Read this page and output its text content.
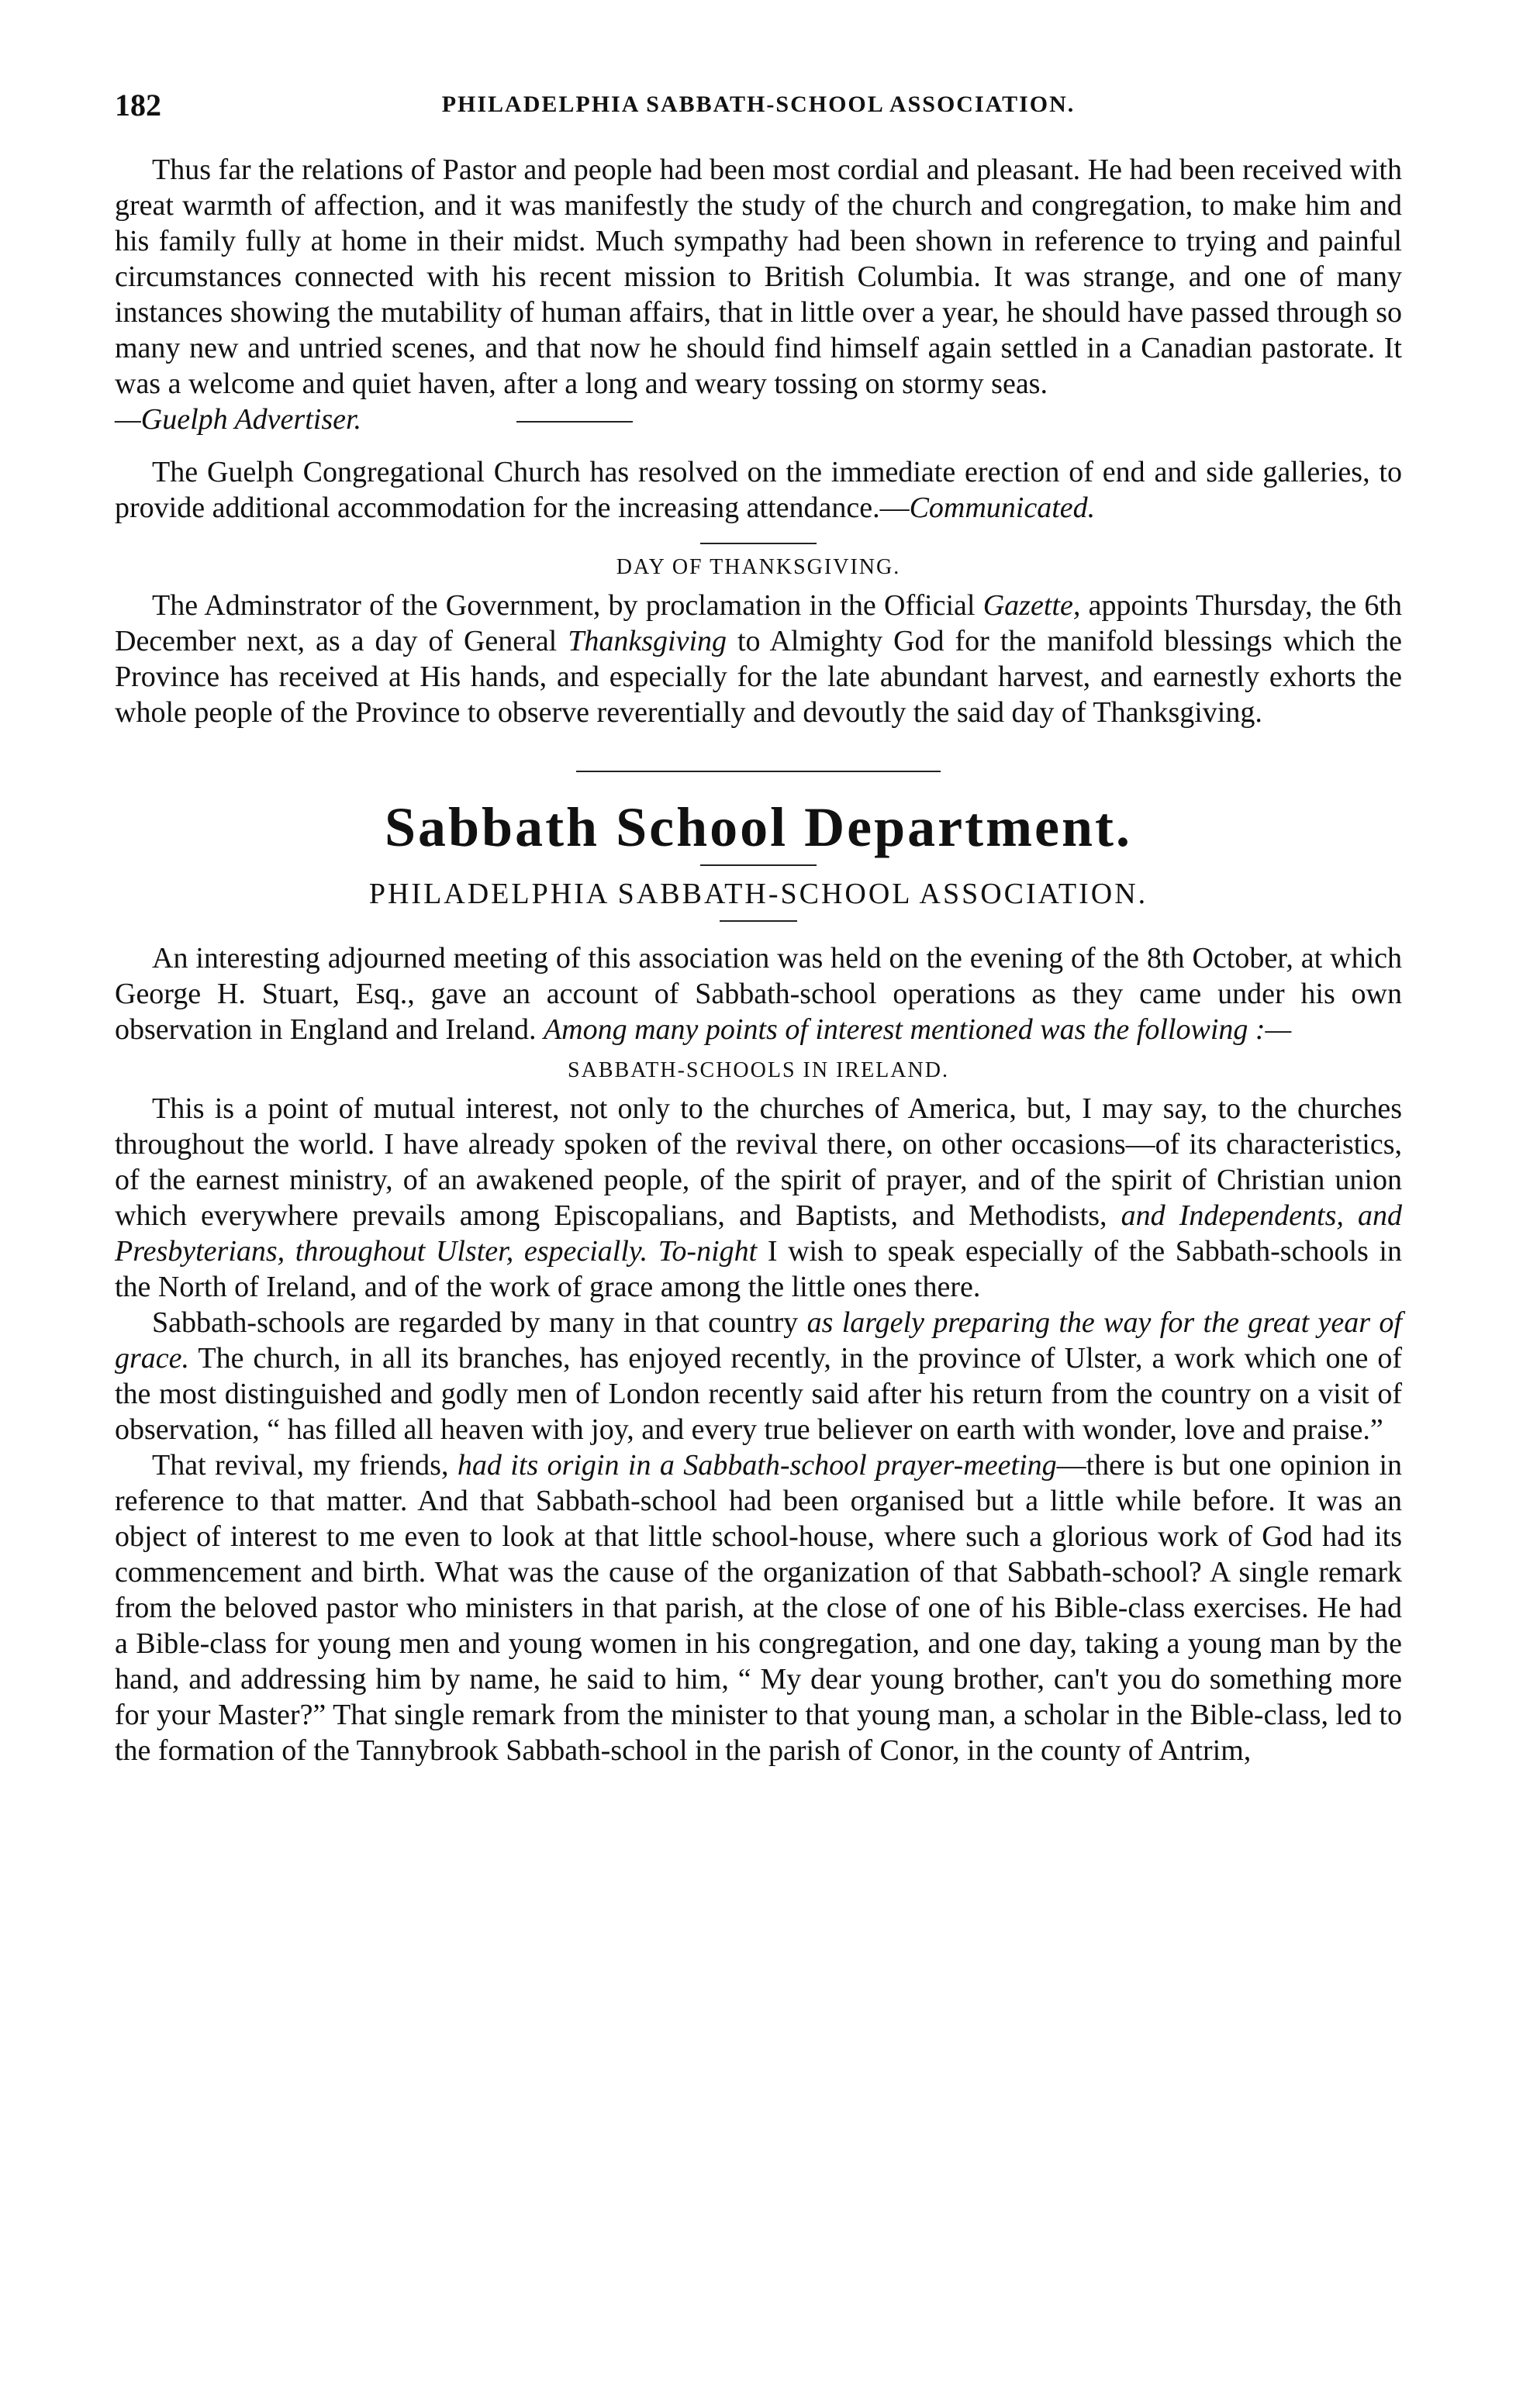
182	PHILADELPHIA SABBATH-SCHOOL ASSOCIATION.

Thus far the relations of Pastor and people had been most cordial and pleasant. He had been received with great warmth of affection, and it was manifestly the study of the church and congregation, to make him and his family fully at home in their midst. Much sympathy had been shown in reference to trying and painful circumstances connected with his recent mission to British Columbia. It was strange, and one of many instances showing the mutability of human affairs, that in little over a year, he should have passed through so many new and untried scenes, and that now he should find himself again settled in a Canadian pastorate. It was a welcome and quiet haven, after a long and weary tossing on stormy seas.
—Guelph Advertiser.

The Guelph Congregational Church has resolved on the immediate erection of end and side galleries, to provide additional accommodation for the increasing attendance.—Communicated.

DAY OF THANKSGIVING.

The Adminstrator of the Government, by proclamation in the Official Gazette, appoints Thursday, the 6th December next, as a day of General Thanksgiving to Almighty God for the manifold blessings which the Province has received at His hands, and especially for the late abundant harvest, and earnestly exhorts the whole people of the Province to observe reverentially and devoutly the said day of Thanksgiving.

Sabbath School Department.
PHILADELPHIA SABBATH-SCHOOL ASSOCIATION.

An interesting adjourned meeting of this association was held on the evening of the 8th October, at which George H. Stuart, Esq., gave an account of Sabbath-school operations as they came under his own observation in England and Ireland. Among many points of interest mentioned was the following :—

SABBATH-SCHOOLS IN IRELAND.

This is a point of mutual interest, not only to the churches of America, but, I may say, to the churches throughout the world. I have already spoken of the revival there, on other occasions—of its characteristics, of the earnest ministry, of an awakened people, of the spirit of prayer, and of the spirit of Christian union which everywhere prevails among Episcopalians, and Baptists, and Methodists, and Independents, and Presbyterians, throughout Ulster, especially. To-night I wish to speak especially of the Sabbath-schools in the North of Ireland, and of the work of grace among the little ones there.

Sabbath-schools are regarded by many in that country as largely preparing the way for the great year of grace. The church, in all its branches, has enjoyed recently, in the province of Ulster, a work which one of the most distinguished and godly men of London recently said after his return from the country on a visit of observation, “ has filled all heaven with joy, and every true believer on earth with wonder, love and praise.”

That revival, my friends, had its origin in a Sabbath-school prayer-meeting—there is but one opinion in reference to that matter. And that Sabbath-school had been organised but a little while before. It was an object of interest to me even to look at that little school-house, where such a glorious work of God had its commencement and birth. What was the cause of the organization of that Sabbath-school? A single remark from the beloved pastor who ministers in that parish, at the close of one of his Bible-class exercises. He had a Bible-class for young men and young women in his congregation, and one day, taking a young man by the hand, and addressing him by name, he said to him, “ My dear young brother, can't you do something more for your Master?” That single remark from the minister to that young man, a scholar in the Bible-class, led to the formation of the Tannybrook Sabbath-school in the parish of Conor, in the county of Antrim,
